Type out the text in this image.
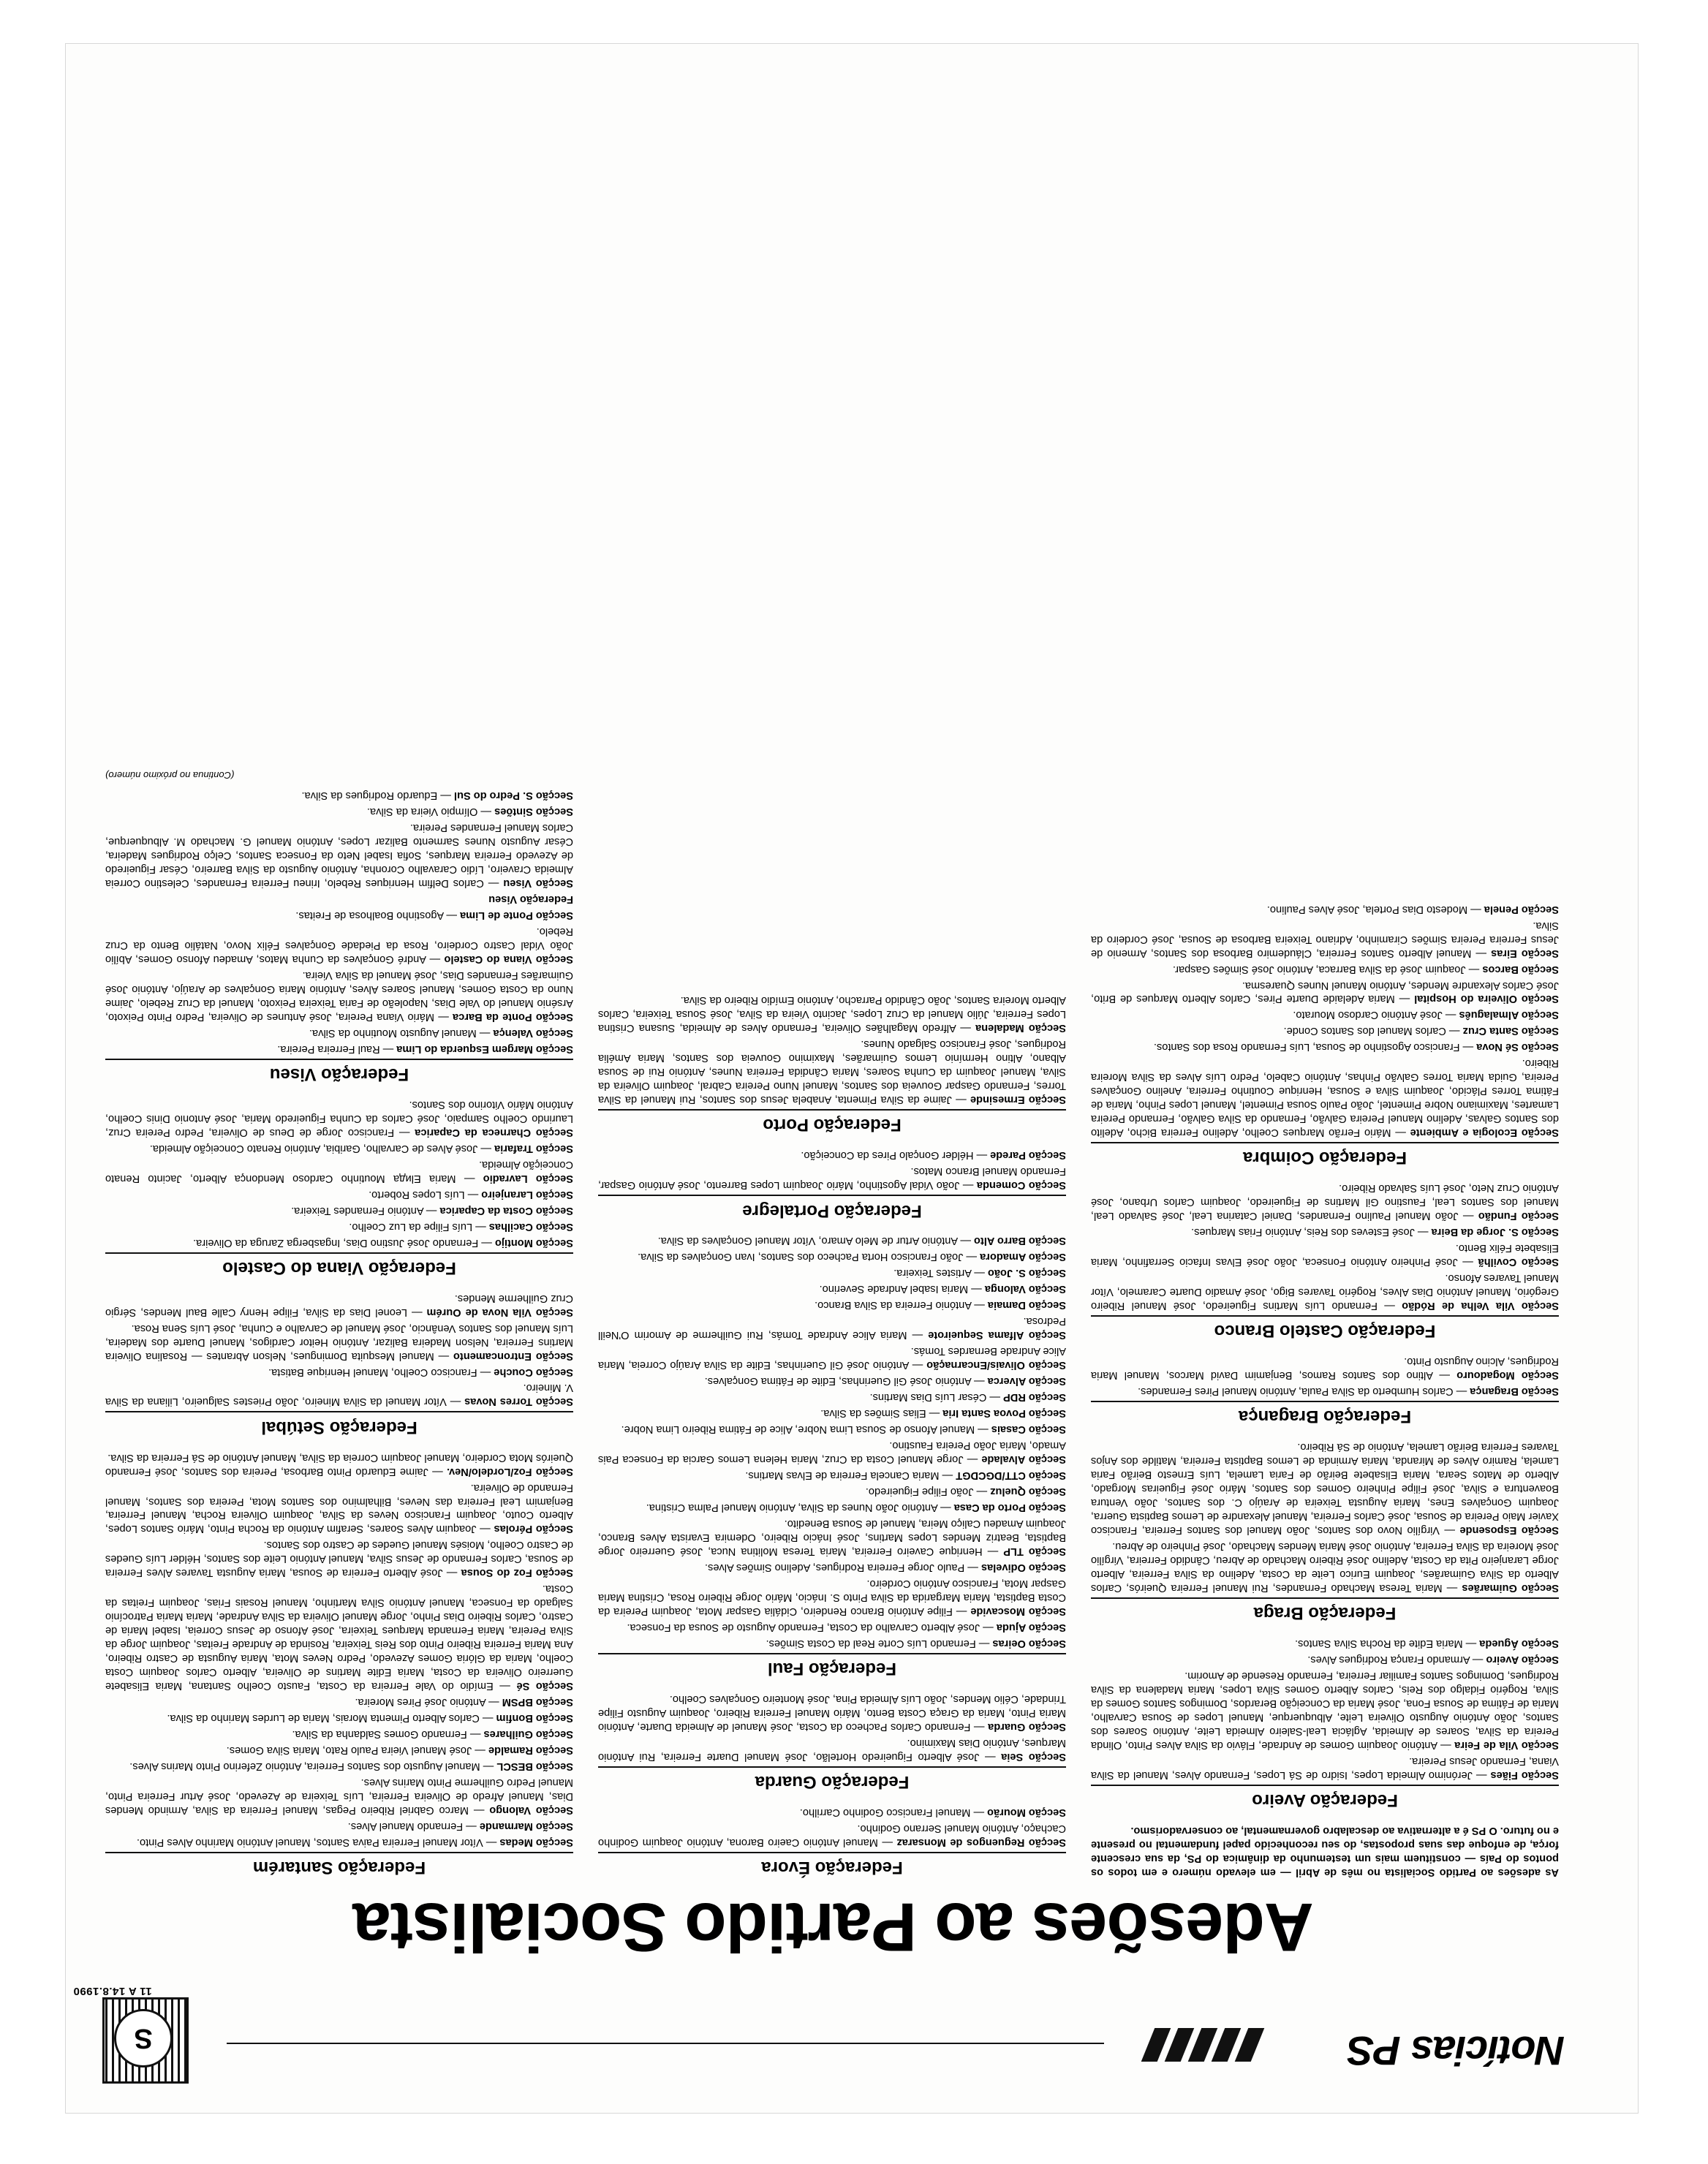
Notícias PS
S
11 A 14.8.1990
Adesões ao Partido Socialista

As adesões ao Partido Socialista no mês de Abril — em elevado número e em todos os pontos do País — constituem mais um testemunho da dinâmica do PS, da sua crescente força, de enfoque das suas propostas, do seu reconhecido papel fundamental no presente e no futuro. O PS é a alternativa ao descalabro governamental, ao conservadorismo.

Federação Aveiro

Secção Fiães — Jerónimo Almeida Lopes, Isidro de Sá Lopes, Fernando Alves, Manuel da Silva Viana, Fernando Jesus Pereira.

Secção Vila de Feira — António Joaquim Gomes de Andrade, Flávio da Silva Alves Pinto, Olinda Pereira da Silva, Soares de Almeida, Aglácia Leal-Saleiro Almeida Leite, António Soares dos Santos, João António Augusto Oliveira Leite, Albuquerque, Manuel Lopes de Sousa Carvalho, Maria de Fátima de Sousa Fona, José Maria da Conceição Berardos, Domingos Santos Gomes da Silva, Rogério Fidalgo dos Reis, Carlos Alberto Gomes Silva Lopes, Maria Madalena da Silva Rodrigues, Domingos Santos Familiar Ferreira, Fernando Resende de Amorim.

Secção Aveiro — Armando França Rodrigues Alves.

Secção Águeda — Maria Edite da Rocha Silva Santos.

Federação Braga

Secção Guimarães — Maria Teresa Machado Fernandes, Rui Manuel Ferreira Queirós, Carlos Alberto da Silva Guimarães, Joaquim Eurico Leite da Costa, Adelino da Silva Ferreira, Alberto Jorge Laranjeiro Pita da Costa, Adelino José Ribeiro Machado de Abreu, Cândido Ferreira, Virgílio José Moreira da Silva Ferreira, António José Maria Mendes Machado, José Pinheiro de Abreu.

Secção Esposende — Virgílio Novo dos Santos, João Manuel dos Santos Ferreira, Francisco Xavier Maio Pereira de Sousa, José Carlos Ferreira, Manuel Alexandre de Lemos Baptista Guerra, Joaquim Gonçalves Enes, Maria Augusta Teixeira de Araújo C. dos Santos, João Ventura Boaventura e Silva, José Filipe Pinheiro Gomes dos Santos, Mário José Figueiras Morgado, Alberto de Matos Seara, Maria Elisabete Beirão de Faria Lamela, Luís Ernesto Beirão Faria Lamela, Ramiro Alves de Miranda, Maria Arminda de Lemos Baptista Ferreira, Matilde dos Anjos Tavares Ferreira Beirão Lamela, António de Sá Ribeiro.

Federação Bragança

Secção Bragança — Carlos Humberto da Silva Paula, António Manuel Pires Fernandes.

Secção Mogadouro — Altino dos Santos Ramos, Benjamim David Marcos, Manuel Maria Rodrigues, Alcino Augusto Pinto.

Federação Castelo Branco

Secção Vila Velha de Ródão — Fernando Luís Martins Figueiredo, José Manuel Ribeiro Gregório, Manuel António Dias Alves, Rogério Tavares Bigo, José Amadio Duarte Caramelo, Vítor Manuel Tavares Afonso.

Secção Covilhã — José Pinheiro António Fonseca, João José Elvas Infacio Serrafinho, Maria Elisabete Félix Bento.

Secção S. Jorge da Beira — José Esteves dos Reis, António Frias Marques.

Secção Fundão — João Manuel Paulino Fernandes, Daniel Catarina Leal, José Salvado Leal, Manuel dos Santos Leal, Faustino Gil Martins de Figueiredo, Joaquim Carlos Urbano, José António Cruz Neto, José Luís Salvado Ribeiro.

Federação Coimbra

Secção Ecologia e Ambiente — Mário Ferrão Marques Coelho, Adelino Ferreira Bicho, Adelito dos Santos Galvas, Adelino Manuel Pereira Galvão, Fernando da Silva Galvão, Fernando Pereira Lamartes, Maximiano Nobre Pimentel, João Paulo Sousa Pimentel, Manuel Lopes Pinho, Maria de Fátima Torres Plácido, Joaquim Silva e Sousa, Henrique Coutinho Ferreira, Anelino Gonçalves Pereira, Guida Maria Torres Galvão Pinhas, António Cabelo, Pedro Luís Alves da Silva Moreira Ribeiro.

Secção Sé Nova — Francisco Agostinho de Sousa, Luís Fernando Rosa dos Santos.

Secção Santa Cruz — Carlos Manuel dos Santos Conde.

Secção Almalaguês — José António Cardoso Mourato.

Secção Oliveira do Hospital — Maria Adelaide Duarte Pires, Carlos Alberto Marques de Brito, José Carlos Alexandre Mendes, António Manuel Nunes Quaresma.

Secção Barcos — Joaquim José da Silva Barraca, António José Simões Gaspar.

Secção Eiras — Manuel Alberto Santos Ferreira, Cláudemiro Barbosa dos Santos, Armenio de Jesus Ferreira Pereira Simões Ciraminho, Adriano Teixeira Barbosa de Sousa, José Cordeiro da Silva.

Secção Penela — Modesto Dias Portela, José Alves Paulino.

Federação Évora

Secção Reguengos de Monsaraz — Manuel António Caeiro Barona, António Joaquim Godinho Cachaço, António Manuel Serrano Godinho.

Secção Mourão — Manuel Francisco Godinho Carrilho.

Federação Guarda

Secção Seia — José Alberto Figueiredo Hortelão, José Manuel Duarte Ferreira, Rui António Marques, António Dias Maximino.

Secção Guarda — Fernando Carlos Pacheco da Costa, José Manuel de Almeida Duarte, António Maria Pinto, Maria da Graça Costa Bento, Mário Manuel Ferreira Ribeiro, Joaquim Augusto Filipe Trindade, Célio Mendes, João Luís Almeida Pina, José Monteiro Gonçalves Coelho.

Federação Faul

Secção Oeiras — Fernando Luís Corte Real da Costa Simões.

Secção Ajuda — José Alberto Carvalho da Costa, Fernando Augusto de Sousa da Fonseca.

Secção Moscavide — Filipe António Branco Rendeiro, Cidália Gaspar Mota, Joaquim Pereira da Costa Baptista, Maria Margarida da Silva Pinto S. Inácio, Mário Jorge Ribeiro Rosa, Cristina Maria Gaspar Mota, Francisco António Cordeiro.

Secção Odivelas — Paulo Jorge Ferreira Rodrigues, Adelino Simões Alves.

Secção TLP — Henrique Caveiro Ferreira, Maria Teresa Molitina Nuca, José Guerreiro Jorge Baptista, Beatriz Mendes Lopes Martins, José Inácio Ribeiro, Odemira Evarista Alves Branco, Joaquim Amadeu Caliço Meira, Manuel de Sousa Benedito.

Secção Porto da Casa — António João Nunes da Silva, António Manuel Palma Cristina.

Secção Queluz — João Filipe Figueiredo.

Secção CTT/DGCDGT — Maria Cancela Ferreira de Elvas Martins.

Secção Alvalade — Jorge Manuel Costa da Cruz, Maria Helena Lemos Garcia da Fonseca Pais Amado, Maria João Pereira Faustino.

Secção Casais — Manuel Afonso de Sousa Lima Nobre, Alice de Fátima Ribeiro Lima Nobre.

Secção Povoa Santa Iria — Elias Simões da Silva.

Secção RDP — César Luís Dias Martins.

Secção Alverca — António José Gil Guerinhas, Edite de Fátima Gonçalves.

Secção Olivais/Encarnação — António José Gil Guerinhas, Edite da Silva Araújo Correia, Maria Alice Andrade Bernardes Tomás.

Secção Alfama Sequeirote — Maria Alice Andrade Tomás, Rui Guilherme de Amorim O'Neill Pedrosa.

Secção Damaia — António Ferreira da Silva Branco.

Secção Valonga — Maria Isabel Andrade Severino.

Secção S. João — Artistes Teixeira.

Secção Amadora — João Francisco Horta Pacheco dos Santos, Ivan Gonçalves da Silva.

Secção Barro Alto — António Artur de Melo Amaro, Vítor Manuel Gonçalves da Silva.

Federação Portalegre

Secção Comenda — João Vidal Agostinho, Mário Joaquim Lopes Barrento, José António Gaspar, Fernando Manuel Branco Matos.

Secção Parede — Hélder Gonçalo Pires da Conceição.

Federação Porto

Secção Ermesinde — Jaime da Silva Pimenta, Anabela Jesus dos Santos, Rui Manuel da Silva Torres, Fernando Gaspar Gouveia dos Santos, Manuel Nuno Pereira Cabral, Joaquim Oliveira da Silva, Manuel Joaquim da Cunha Soares, Maria Cândida Ferreira Nunes, António Rui de Sousa Albano, Altino Hermínio Lemos Guimarães, Maximino Gouveia dos Santos, Maria Amélia Rodrigues, José Francisco Salgado Nunes.

Secção Madalena — Alfredo Magalhães Oliveira, Fernando Alves de Almeida, Susana Cristina Lopes Ferreira, Júlio Manuel da Cruz Lopes, Jacinto Vieira da Silva, José Sousa Teixeira, Carlos Alberto Moreira Santos, João Cândido Parracho, António Emídio Ribeiro da Silva.

Federação Santarém

Secção Medas — Vítor Manuel Ferreira Paiva Santos, Manuel António Marinho Alves Pinto.

Secção Marmande — Fernando Manuel Alves.

Secção Valongo — Marco Gabriel Ribeiro Pegas, Manuel Ferreira da Silva, Armindo Mendes Dias, Manuel Afredo de Oliveira Ferreira, Luís Teixeira de Azevedo, José Artur Ferreira Pinto, Manuel Pedro Guilherme Pinto Marins Alves.

Secção BESCL — Manuel Augusto dos Santos Ferreira, António Zeferino Pinto Marins Alves.

Secção Ramalde — José Manuel Vieira Paulo Rato, Maria Silva Gomes.

Secção Guilhares — Fernando Gomes Saldanha da Silva.

Secção Bonfim — Carlos Alberto Pimenta Morais, Maria de Lurdes Marinho da Silva.

Secção BPSM — António José Pires Moreira.

Secção Sé — Emídio do Vale Ferreira da Costa, Fausto Coelho Santana, Maria Elisabete Guerreiro Oliveira da Costa, Maria Edite Martins de Oliveira, Alberto Carlos Joaquim Costa Coelho, Maria da Glória Gomes Azevedo, Pedro Neves Mota, Maria Augusta de Castro Ribeiro, Ana Maria Ferreira Ribeiro Pinto dos Reis Teixeira, Rosinda de Andrade Freitas, Joaquim Jorge da Silva Pereira, Maria Fernanda Marques Teixeira, José Afonso de Jesus Correia, Isabel Maria de Castro, Carlos Ribeiro Dias Pinho, Jorge Manuel Oliveira da Silva Andrade, Maria Maria Patrocínio Salgado da Fonseca, Manuel António Silva Martinho, Manuel Rosais Frias, Joaquim Freitas da Costa.

Secção Foz do Sousa — José Alberto Ferreira de Sousa, Maria Augusta Tavares Alves Ferreira de Sousa, Carlos Fernando de Jesus Silva, Manuel António Leite dos Santos, Hélder Luís Guedes de Castro Coelho, Moisés Manuel Guedes de Castro dos Santos.

Secção Pérolas — Joaquim Alves Soares, Serafim António da Rocha Pinto, Mário Santos Lopes, Alberto Couto, Joaquim Francisco Neves da Silva, Joaquim Oliveira Rocha, Manuel Ferreira, Benjamim Leal Ferreira das Neves, Bilhalmino dos Santos Mota, Pereira dos Santos, Manuel Fernando de Oliveira.

Secção Foz/Lordelo/Nev. — Jaime Eduardo Pinto Barbosa, Pereira dos Santos, José Fernando Queirós Mota Cordeiro, Manuel Joaquim Correia da Silva, Manuel António de Sá Ferreira da Silva.

Federação Setúbal

Secção Torres Novas — Vítor Manuel da Silva Mineiro, João Priestes Salgueiro, Liliana da Silva V. Mineiro.

Secção Couche — Francisco Coelho, Manuel Henrique Batista.

Secção Entroncamento — Manuel Mesquita Domingues, Nelson Abrantes — Rosalina Oliveira Martins Ferreira, Nelson Madeira Balizar, António Heitor Cardigos, Manuel Duarte dos Madeira, Luís Manuel dos Santos Venâncio, José Manuel de Carvalho e Cunha, José Luís Sena Rosa.

Secção Vila Nova de Ourém — Leonel Dias da Silva, Filipe Henry Calle Baul Mendes, Sérgio Cruz Guilherme Mendes.

Federação Viana do Castelo

Secção Montijo — Fernando José Justino Dias, Ingasberga Zaruga da Oliveira.

Secção Cacilhas — Luís Filipe da Luz Coelho.

Secção Costa da Caparica — António Fernandes Teixeira.

Secção Laranjeiro — Luís Lopes Roberto.

Secção Lavradio — Maria Elида Moutinho Cardoso Mendonça Alberto, Jacinto Renato Conceição Almeida.

Secção Trafaria — José Alves de Carvalho, Garibia, António Renato Conceição Almeida.

Secção Charneca da Caparica — Francisco Jorge de Deus de Oliveira, Pedro Pereira Cruz, Laurindo Coelho Sampaio, José Carlos da Cunha Figueiredo Maria, José Antonio Dinis Coelho, António Mário Vitorino dos Santos.

Federação Viseu

Secção Margem Esquerda do Lima — Raul Ferreira Pereira.

Secção Valença — Manuel Augusto Moutinho da Silva.

Secção Ponte da Barca — Mário Viana Pereira, José Antunes de Oliveira, Pedro Pinto Peixoto, Arsénio Manuel do Vale Dias, Napoleão de Faria Teixeira Peixoto, Manuel da Cruz Rebelo, Jaime Nuno da Costa Gomes, Manuel Soares Alves, António Maria Gonçalves de Araújo, António José Guimarães Fernandes Dias, José Manuel da Silva Vieira.

Secção Viana do Castelo — André Gonçalves da Cunha Matos, Amadeu Afonso Gomes, Abílio João Vidal Castro Cordeiro, Rosa da Piedade Gonçalves Félix Novo, Natálio Bento da Cruz Rebelo.

Secção Ponte de Lima — Agostinho Boalhosa de Freitas.

Federação Viseu

Secção Viseu — Carlos Delfim Henriques Rebelo, Irineu Ferreira Fernandes, Celestino Correia Almeida Craveiro, Lídio Caravalho Coronha, António Augusto da Silva Barreiro, César Figueiredo de Azevedo Ferreira Marques, Sofia Isabel Neto da Fonseca Santos, Celço Rodrigues Madeira, César Augusto Nunes Sarmento Balizar Lopes, António Manuel G. Machado M. Albuquerque, Carlos Manuel Fernandes Pereira.

Secção Sintões — Olímpio Vieira da Silva.

Secção S. Pedro do Sul — Eduardo Rodrigues da Silva.

(Continua no próximo número)
